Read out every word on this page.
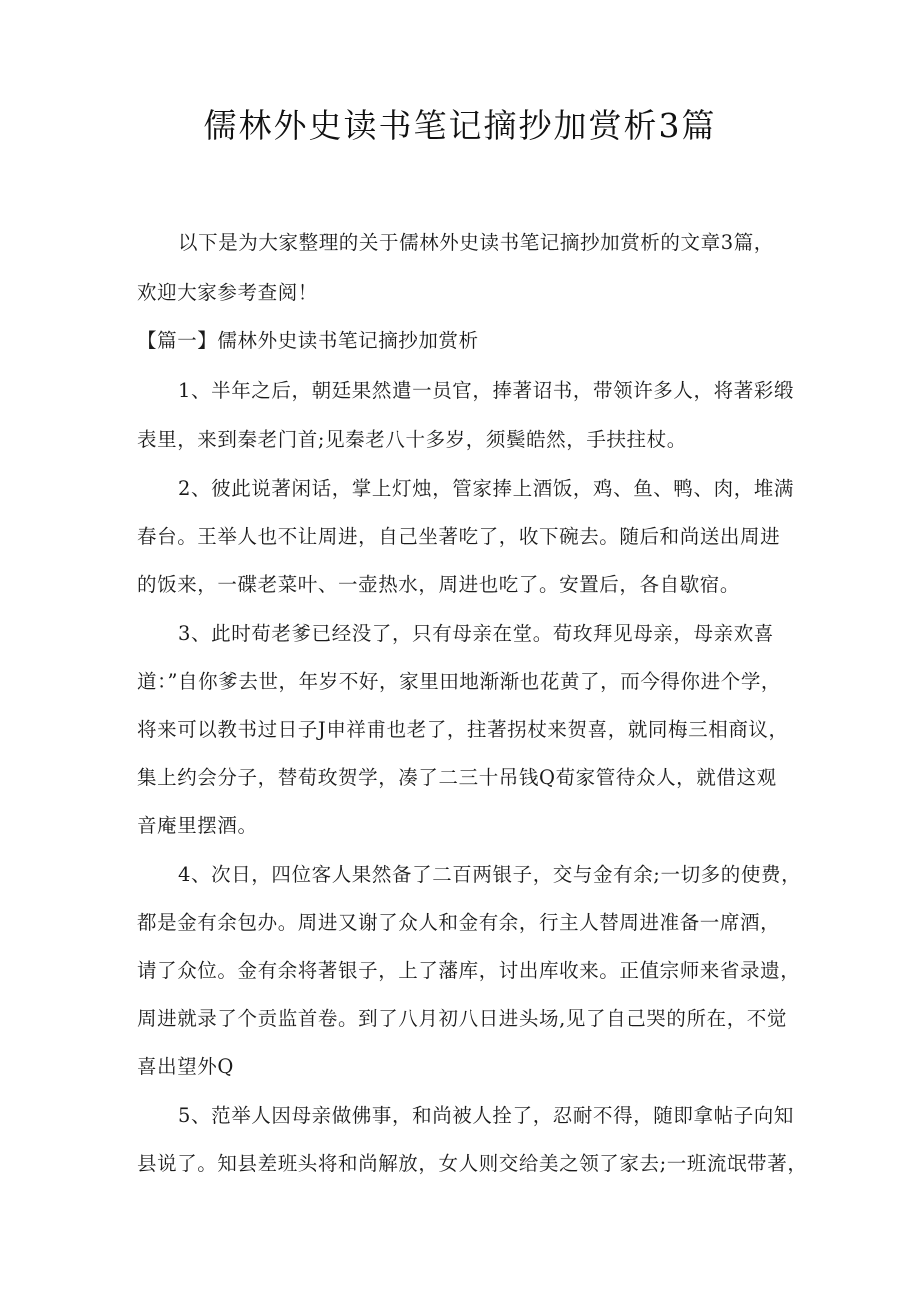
儒林外史读书笔记摘抄加赏析3篇
以下是为大家整理的关于儒林外史读书笔记摘抄加赏析的文章3篇，
欢迎大家参考查阅！
【篇一】儒林外史读书笔记摘抄加赏析
1、半年之后，朝廷果然遣一员官，捧著诏书，带领许多人，将著彩缎
表里，来到秦老门首;见秦老八十多岁，须鬓皓然，手扶拄杖。
2、彼此说著闲话，掌上灯烛，管家捧上酒饭，鸡、鱼、鸭、肉，堆满
春台。王举人也不让周进，自己坐著吃了，收下碗去。随后和尚送出周进
的饭来，一碟老菜叶、一壶热水，周进也吃了。安置后，各自歇宿。
3、此时荀老爹已经没了，只有母亲在堂。荀玫拜见母亲，母亲欢喜
道：”自你爹去世，年岁不好，家里田地渐渐也花黄了，而今得你进个学，
将来可以教书过日子J申祥甫也老了，拄著拐杖来贺喜，就同梅三相商议，
集上约会分子，替荀玫贺学，凑了二三十吊钱Q荀家管待众人，就借这观
音庵里摆酒。
4、次日，四位客人果然备了二百两银子，交与金有余;一切多的使费，
都是金有余包办。周进又谢了众人和金有余，行主人替周进准备一席酒，
请了众位。金有余将著银子，上了藩库，讨出库收来。正值宗师来省录遗，
周进就录了个贡监首卷。到了八月初八日进头场,见了自己哭的所在，不觉
喜出望外Q
5、范举人因母亲做佛事，和尚被人拴了，忍耐不得，随即拿帖子向知
县说了。知县差班头将和尚解放，女人则交给美之领了家去;一班流氓带著，
